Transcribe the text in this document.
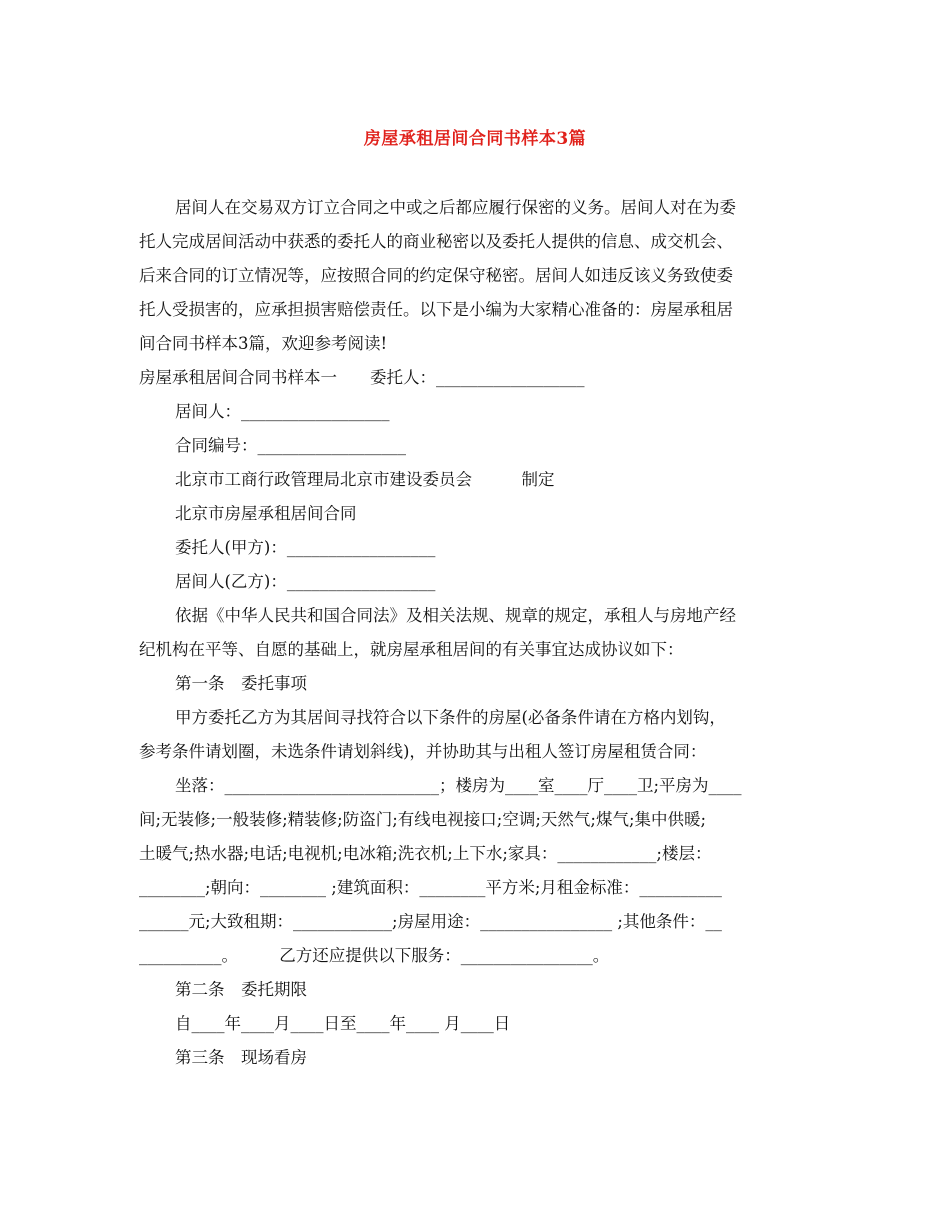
房屋承租居间合同书样本3篇
居间人在交易双方订立合同之中或之后都应履行保密的义务。居间人对在为委
托人完成居间活动中获悉的委托人的商业秘密以及委托人提供的信息、成交机会、
后来合同的订立情况等，应按照合同的约定保守秘密。居间人如违反该义务致使委
托人受损害的，应承担损害赔偿责任。以下是小编为大家精心准备的：房屋承租居
间合同书样本3篇，欢迎参考阅读!
房屋承租居间合同书样本一　　委托人：__________________
居间人：__________________
合同编号：__________________
北京市工商行政管理局北京市建设委员会　　　制定
北京市房屋承租居间合同
委托人(甲方)：__________________
居间人(乙方)：__________________
依据《中华人民共和国合同法》及相关法规、规章的规定，承租人与房地产经
纪机构在平等、自愿的基础上，就房屋承租居间的有关事宜达成协议如下：
第一条　委托事项
甲方委托乙方为其居间寻找符合以下条件的房屋(必备条件请在方格内划钩，
参考条件请划圈，未选条件请划斜线)，并协助其与出租人签订房屋租赁合同：
坐落：__________________________；楼房为____室____厅____卫;平房为____
间;无装修;一般装修;精装修;防盗门;有线电视接口;空调;天然气;煤气;集中供暖;
土暖气;热水器;电话;电视机;电冰箱;洗衣机;上下水;家具：____________;楼层：
________;朝向：________ ;建筑面积：________平方米;月租金标准：__________
______元;大致租期：____________;房屋用途：________________ ;其他条件：__
__________。　　　乙方还应提供以下服务：________________。
第二条　委托期限
自____年____月____日至____年____ 月____日
第三条　现场看房
